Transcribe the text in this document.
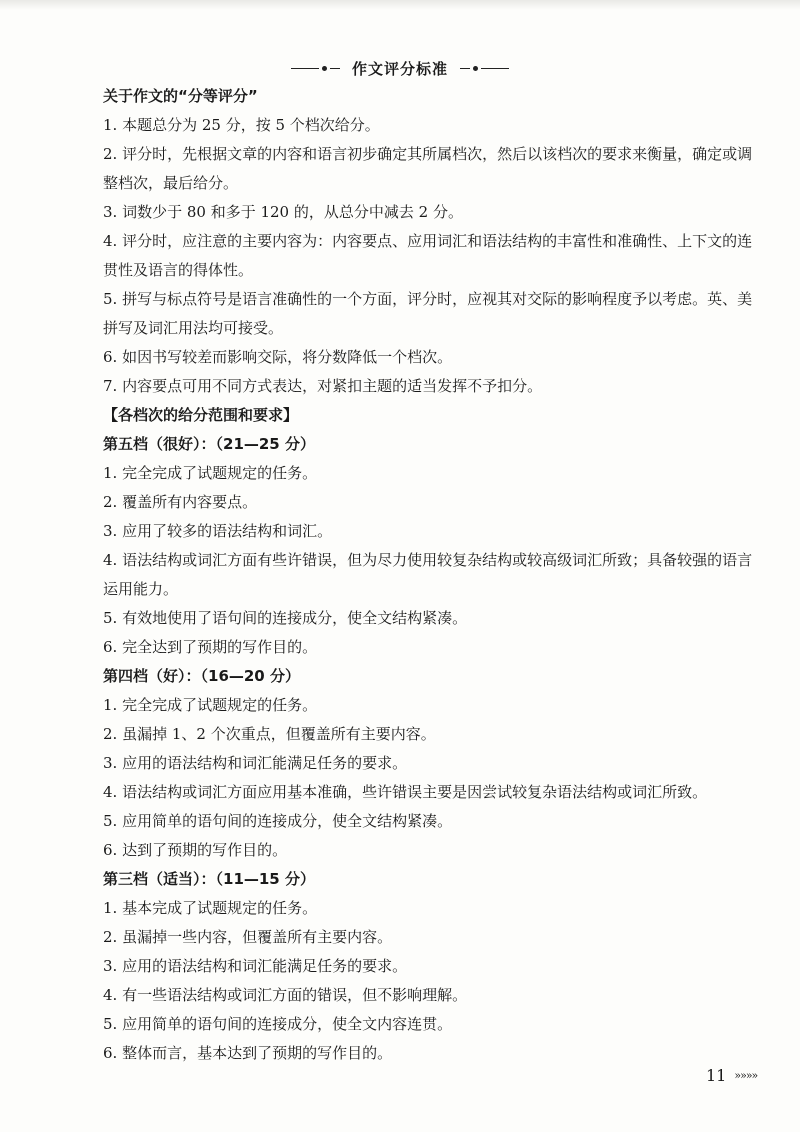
作文评分标准
关于作文的“分等评分”
1. 本题总分为 25 分，按 5 个档次给分。
2. 评分时，先根据文章的内容和语言初步确定其所属档次，然后以该档次的要求来衡量，确定或调整档次，最后给分。
3. 词数少于 80 和多于 120 的，从总分中减去 2 分。
4. 评分时，应注意的主要内容为：内容要点、应用词汇和语法结构的丰富性和准确性、上下文的连贯性及语言的得体性。
5. 拼写与标点符号是语言准确性的一个方面，评分时，应视其对交际的影响程度予以考虑。英、美拼写及词汇用法均可接受。
6. 如因书写较差而影响交际，将分数降低一个档次。
7. 内容要点可用不同方式表达，对紧扣主题的适当发挥不予扣分。
【各档次的给分范围和要求】
第五档（很好）：（21—25 分）
1. 完全完成了试题规定的任务。
2. 覆盖所有内容要点。
3. 应用了较多的语法结构和词汇。
4. 语法结构或词汇方面有些许错误，但为尽力使用较复杂结构或较高级词汇所致；具备较强的语言运用能力。
5. 有效地使用了语句间的连接成分，使全文结构紧凑。
6. 完全达到了预期的写作目的。
第四档（好）：（16—20 分）
1. 完全完成了试题规定的任务。
2. 虽漏掉 1、2 个次重点，但覆盖所有主要内容。
3. 应用的语法结构和词汇能满足任务的要求。
4. 语法结构或词汇方面应用基本准确，些许错误主要是因尝试较复杂语法结构或词汇所致。
5. 应用简单的语句间的连接成分，使全文结构紧凑。
6. 达到了预期的写作目的。
第三档（适当）：（11—15 分）
1. 基本完成了试题规定的任务。
2. 虽漏掉一些内容，但覆盖所有主要内容。
3. 应用的语法结构和词汇能满足任务的要求。
4. 有一些语法结构或词汇方面的错误，但不影响理解。
5. 应用简单的语句间的连接成分，使全文内容连贯。
6. 整体而言，基本达到了预期的写作目的。
11 »»»»
